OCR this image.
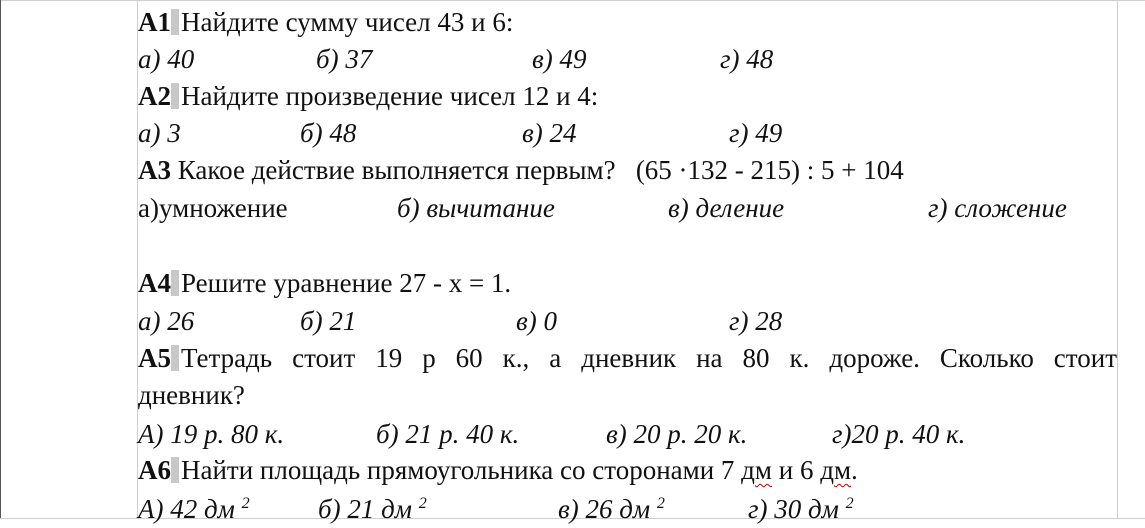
A1 Найдите сумму чисел 43 и 6:
а) 40	б) 37	в) 49	г) 48
A2 Найдите произведение чисел 12 и 4:
а) 3	б) 48	в) 24	г) 49
A3 Какое действие выполняется первым?   (65 ·132 - 215) : 5 + 104
а)умножение	б) вычитание	в) деление	г) сложение
A4 Решите уравнение 27 - х = 1.
а) 26	б) 21	в) 0	г) 28
A5 Тетрадь стоит 19 р 60 к., а дневник на 80 к. дороже. Сколько стоит
дневник?
А) 19 р. 80 к.	б) 21 р. 40 к.	в) 20 р. 20 к.	г)20 р. 40 к.
A6 Найти площадь прямоугольника со сторонами 7 дм и 6 дм.
А) 42 дм $^2$	б) 21 дм $^2$	в) 26 дм $^2$	г) 30 дм $^2$
